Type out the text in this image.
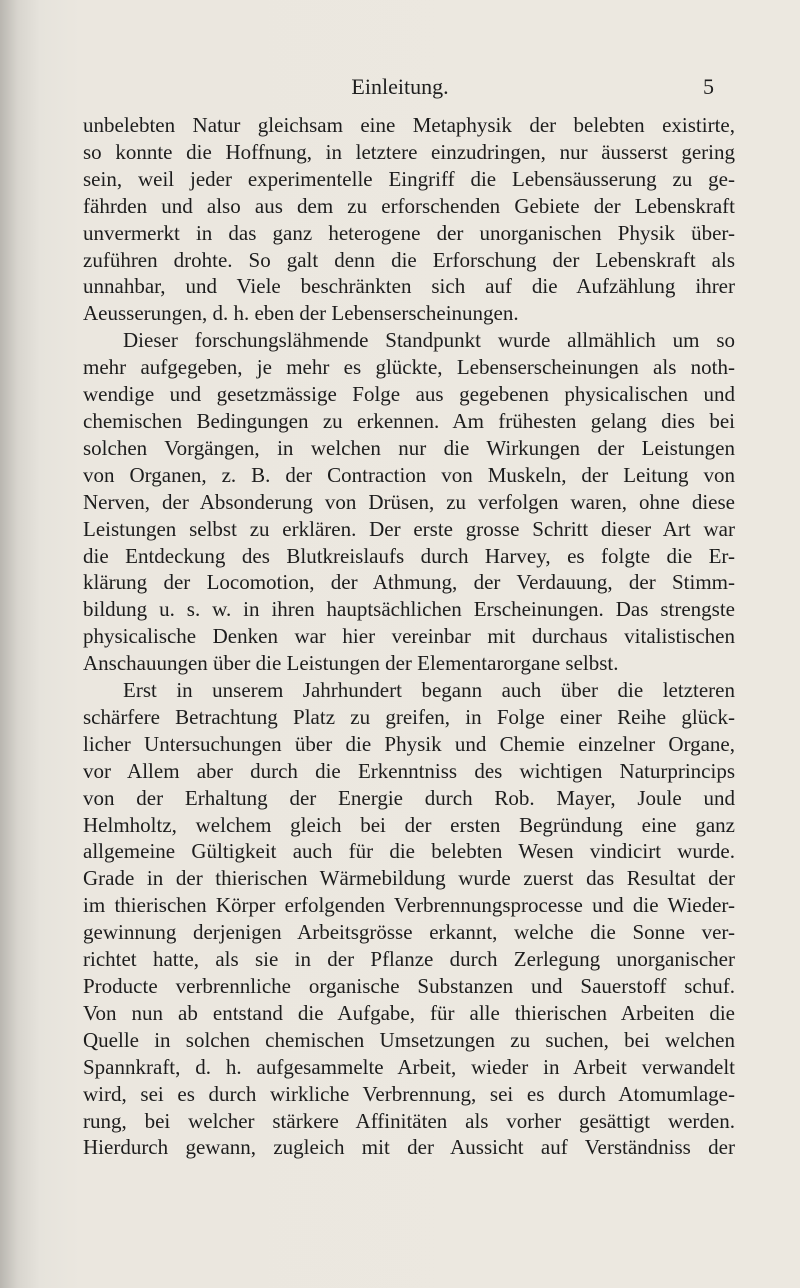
Einleitung.	5
unbelebten Natur gleichsam eine Metaphysik der belebten existirte,
so konnte die Hoffnung, in letztere einzudringen, nur äusserst gering
sein, weil jeder experimentelle Eingriff die Lebensäusserung zu ge-
fährden und also aus dem zu erforschenden Gebiete der Lebenskraft
unvermerkt in das ganz heterogene der unorganischen Physik über-
zuführen drohte. So galt denn die Erforschung der Lebenskraft als
unnahbar, und Viele beschränkten sich auf die Aufzählung ihrer
Aeusserungen, d. h. eben der Lebenserscheinungen.
Dieser forschungslähmende Standpunkt wurde allmählich um so
mehr aufgegeben, je mehr es glückte, Lebenserscheinungen als noth-
wendige und gesetzmässige Folge aus gegebenen physicalischen und
chemischen Bedingungen zu erkennen. Am frühesten gelang dies bei
solchen Vorgängen, in welchen nur die Wirkungen der Leistungen
von Organen, z. B. der Contraction von Muskeln, der Leitung von
Nerven, der Absonderung von Drüsen, zu verfolgen waren, ohne diese
Leistungen selbst zu erklären. Der erste grosse Schritt dieser Art war
die Entdeckung des Blutkreislaufs durch Harvey, es folgte die Er-
klärung der Locomotion, der Athmung, der Verdauung, der Stimm-
bildung u. s. w. in ihren hauptsächlichen Erscheinungen. Das strengste
physicalische Denken war hier vereinbar mit durchaus vitalistischen
Anschauungen über die Leistungen der Elementarorgane selbst.
Erst in unserem Jahrhundert begann auch über die letzteren
schärfere Betrachtung Platz zu greifen, in Folge einer Reihe glück-
licher Untersuchungen über die Physik und Chemie einzelner Organe,
vor Allem aber durch die Erkenntniss des wichtigen Naturprincips
von der Erhaltung der Energie durch Rob. Mayer, Joule und
Helmholtz, welchem gleich bei der ersten Begründung eine ganz
allgemeine Gültigkeit auch für die belebten Wesen vindicirt wurde.
Grade in der thierischen Wärmebildung wurde zuerst das Resultat der
im thierischen Körper erfolgenden Verbrennungsprocesse und die Wieder-
gewinnung derjenigen Arbeitsgrösse erkannt, welche die Sonne ver-
richtet hatte, als sie in der Pflanze durch Zerlegung unorganischer
Producte verbrennliche organische Substanzen und Sauerstoff schuf.
Von nun ab entstand die Aufgabe, für alle thierischen Arbeiten die
Quelle in solchen chemischen Umsetzungen zu suchen, bei welchen
Spannkraft, d. h. aufgesammelte Arbeit, wieder in Arbeit verwandelt
wird, sei es durch wirkliche Verbrennung, sei es durch Atomumlage-
rung, bei welcher stärkere Affinitäten als vorher gesättigt werden.
Hierdurch gewann, zugleich mit der Aussicht auf Verständniss der
